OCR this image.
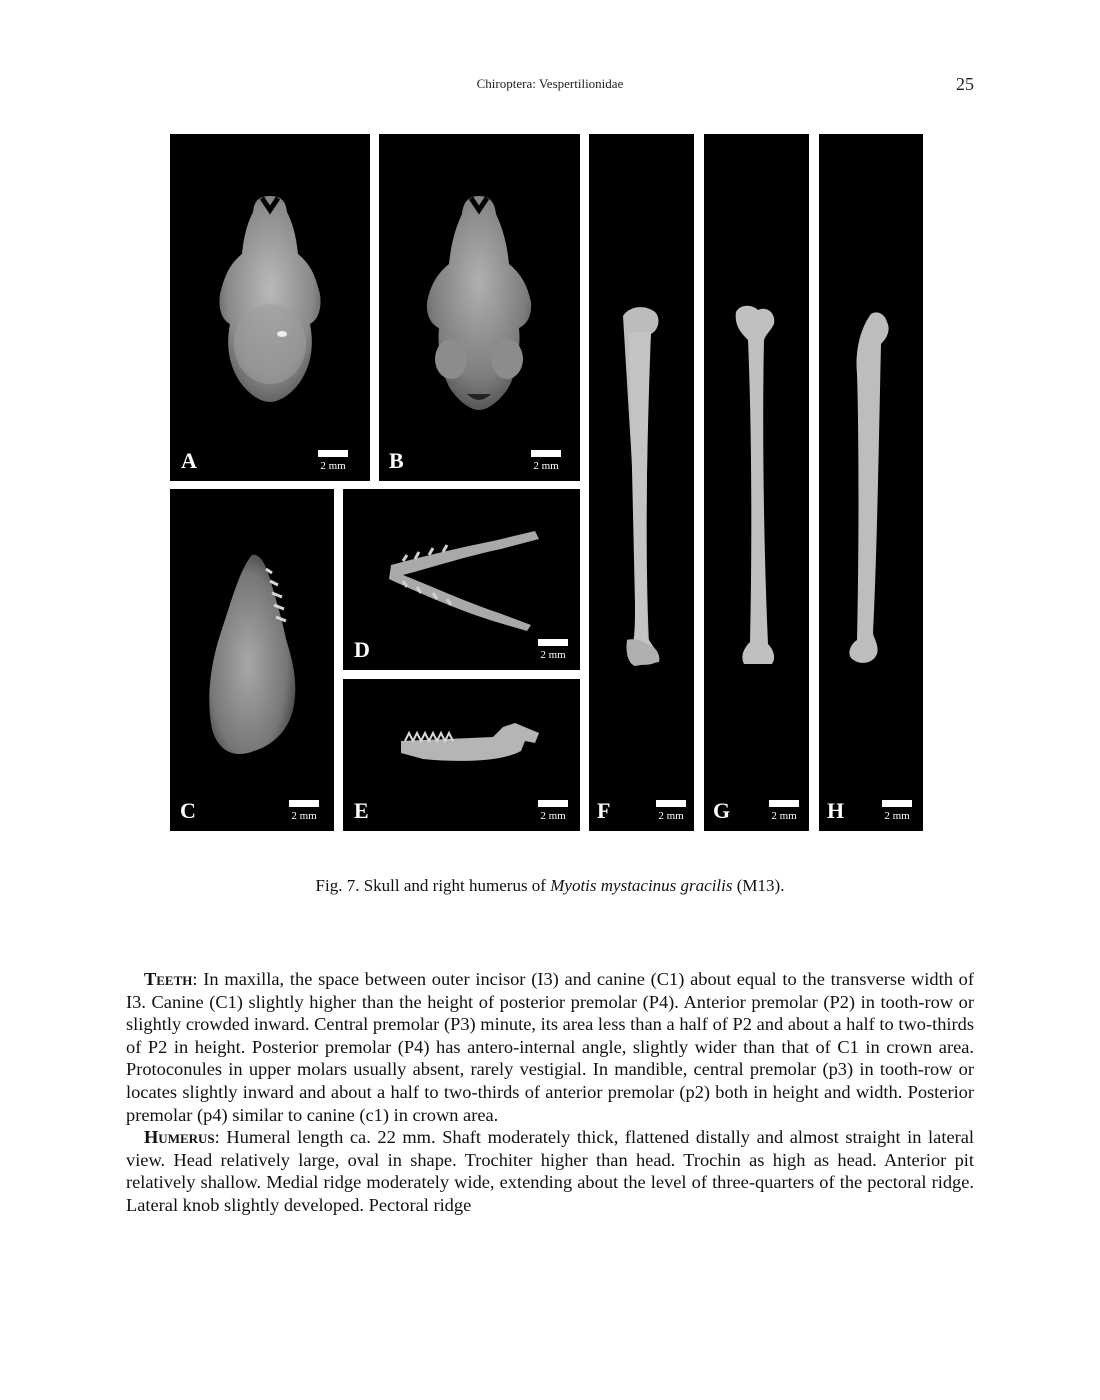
Chiroptera: Vespertilionidae	25
A	2 mm	B	2 mm
C	2 mm
D	2 mm
E	2 mm	F	2 mm	G	2 mm	H	2 mm
Fig. 7. Skull and right humerus of Myotis mystacinus gracilis (M13).

Teeth: In maxilla, the space between outer incisor (I3) and canine (C1) about equal to the transverse width of I3. Canine (C1) slightly higher than the height of posterior premolar (P4). Anterior premolar (P2) in tooth-row or slightly crowded inward. Central premolar (P3) minute, its area less than a half of P2 and about a half to two-thirds of P2 in height. Posterior premolar (P4) has antero-internal angle, slightly wider than that of C1 in crown area. Protoconules in upper molars usually absent, rarely vestigial. In mandible, central premolar (p3) in tooth-row or locates slightly inward and about a half to two-thirds of anterior premolar (p2) both in height and width. Posterior premolar (p4) similar to canine (c1) in crown area.

Humerus: Humeral length ca. 22 mm. Shaft moderately thick, flattened distally and almost straight in lateral view. Head relatively large, oval in shape. Trochiter higher than head. Trochin as high as head. Anterior pit relatively shallow. Medial ridge moderately wide, extending about the level of three-quarters of the pectoral ridge. Lateral knob slightly developed. Pectoral ridge
